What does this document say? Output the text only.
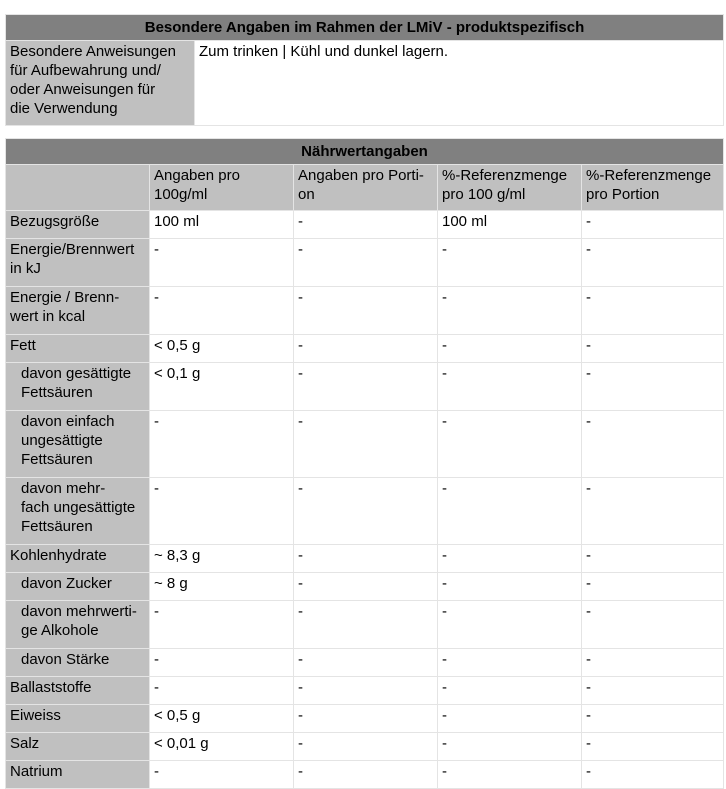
Besondere Angaben im Rahmen der LMiV - produktspezifisch
Besondere Anweisungen
für Aufbewahrung und/
oder Anweisungen für
die Verwendung	Zum trinken | Kühl und dunkel lagern.
Nährwertangaben				
	Angaben pro
100g/ml	Angaben pro Porti-
on	%-Referenzmenge
pro 100 g/ml	%-Referenzmenge
pro Portion
Bezugsgröße	100 ml	-	100 ml	-
Energie/Brennwert
in kJ	-	-	-	-
Energie / Brenn-
wert in kcal	-	-	-	-
Fett	< 0,5 g	-	-	-
davon gesättigte
Fettsäuren	< 0,1 g	-	-	-
davon einfach
ungesättigte
Fettsäuren	-	-	-	-
davon mehr-
fach ungesättigte
Fettsäuren	-	-	-	-
Kohlenhydrate	~ 8,3 g	-	-	-
davon Zucker	~ 8 g	-	-	-
davon mehrwerti-
ge Alkohole	-	-	-	-
davon Stärke	-	-	-	-
Ballaststoffe	-	-	-	-
Eiweiss	< 0,5 g	-	-	-
Salz	< 0,01 g	-	-	-
Natrium	-	-	-	-
